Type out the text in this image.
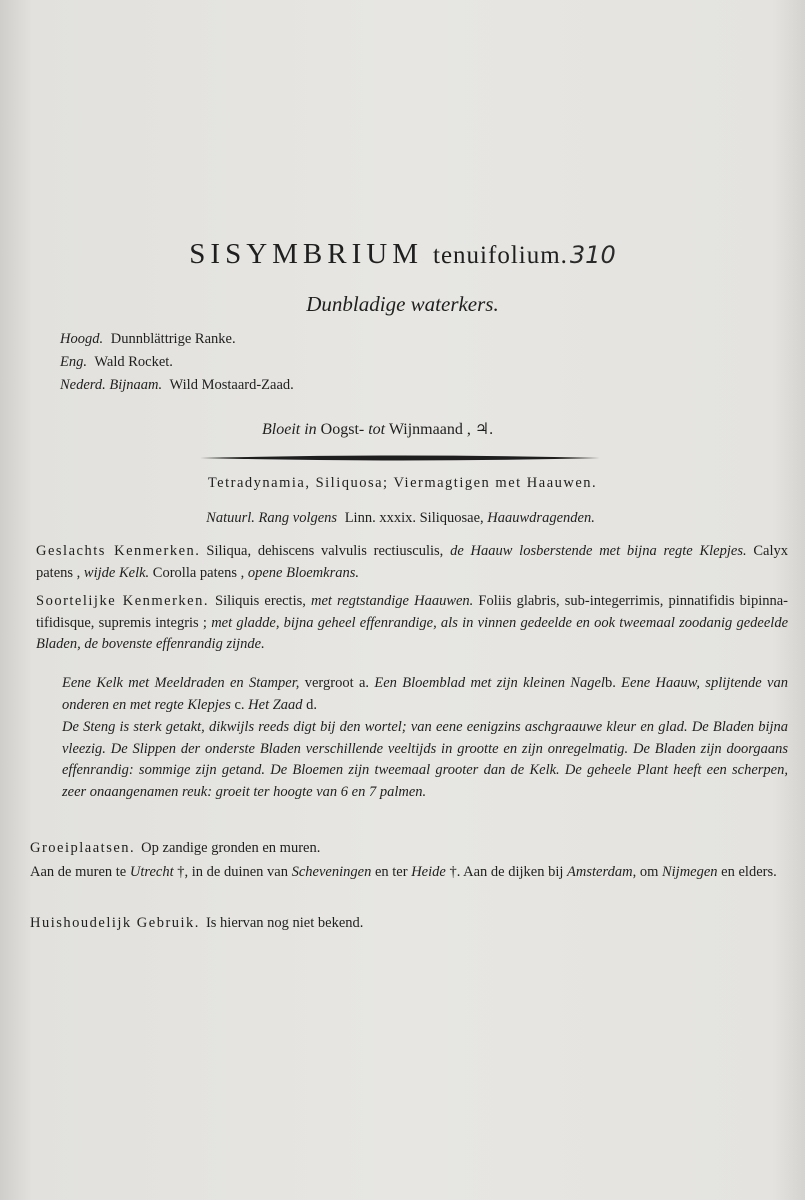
SISYMBRIUM tenuifolium.310
Dunbladige waterkers.
Hoogd. Dunnblättrige Ranke.
Eng. Wald Rocket.
Nederd. Bijnaam. Wild Mostaard-Zaad.
Bloeit in Oogst- tot Wijnmaand , ♃.
Tetradynamia, Siliquosa; Viermagtigen met Haauwen.
Natuurl. Rang volgens Linn. xxxix. Siliquosae, Haauwdragenden.
Geslachts Kenmerken. Siliqua, dehiscens valvulis rectiusculis, de Haauw losberstende met bijna regte Klepjes. Calyx patens , wijde Kelk. Corolla patens , opene Bloemkrans.
Soortelijke Kenmerken. Siliquis erectis, met regtstandige Haauwen. Foliis glabris, sub-integerrimis, pinnatifidis bipinna-tifidisque, supremis integris ; met gladde, bijna geheel effenrandige, als in vinnen gedeelde en ook tweemaal zoodanig gedeelde Bladen, de bovenste effenrandig zijnde.
Eene Kelk met Meeldraden en Stamper, vergroot a. Een Bloemblad met zijn kleinen Nagelb. Eene Haauw, splijtende van onderen en met regte Klepjes c. Het Zaad d.
De Steng is sterk getakt, dikwijls reeds digt bij den wortel; van eene eenigzins aschgraauwe kleur en glad. De Bladen bijna vleezig. De Slippen der onderste Bladen verschillende veeltijds in grootte en zijn onregelmatig. De Bladen zijn doorgaans effenrandig: sommige zijn getand. De Bloemen zijn tweemaal grooter dan de Kelk. De geheele Plant heeft een scherpen, zeer onaangenamen reuk: groeit ter hoogte van 6 en 7 palmen.
Groeiplaatsen. Op zandige gronden en muren.
Aan de muren te Utrecht †, in de duinen van Scheveningen en ter Heide †. Aan de dijken bij Amsterdam, om Nijmegen en elders.
Huishoudelijk Gebruik. Is hiervan nog niet bekend.
